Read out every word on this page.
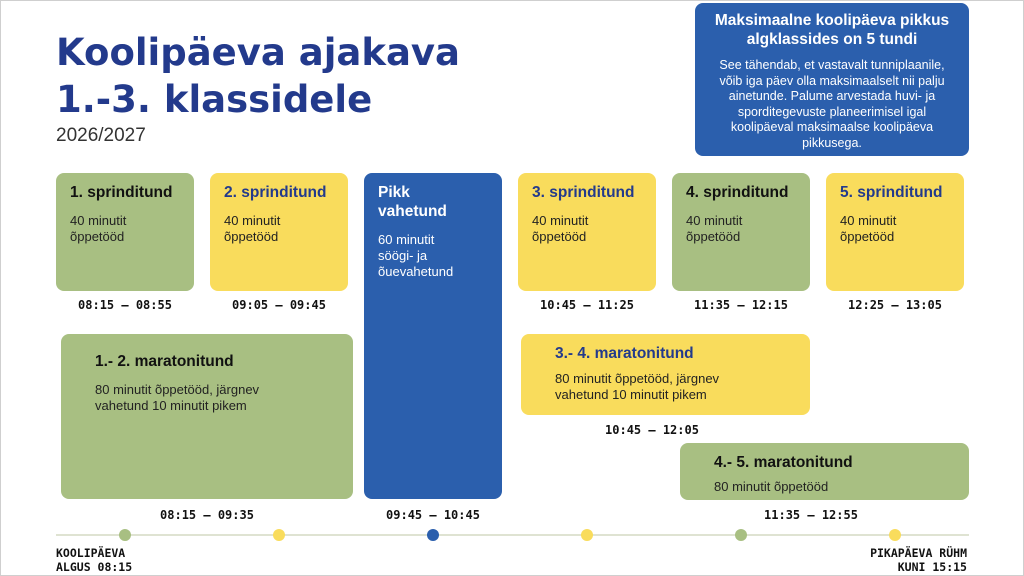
Koolipäeva ajakava 1.-3. klassidele
2026/2027
Maksimaalne koolipäeva pikkus algklassides on 5 tundi
See tähendab, et vastavalt tunniplaanile, võib iga päev olla maksimaalselt nii palju ainetunde. Palume arvestada huvi- ja sporditegevuste planeerimisel igal koolipäeval maksimaalse koolipäeva pikkusega.
1. sprinditund
40 minutit
õppetööd
08:15 – 08:55
2. sprinditund
40 minutit
õppetööd
09:05 – 09:45
3. sprinditund
40 minutit
õppetööd
10:45 – 11:25
4. sprinditund
40 minutit
õppetööd
11:35 – 12:15
5. sprinditund
40 minutit
õppetööd
12:25 – 13:05
Pikk
vahetund
60 minutit
söögi- ja
õuevahetund
09:45 – 10:45
1.- 2. maratonitund
80 minutit õppetööd, järgnev
vahetund 10 minutit pikem
08:15 – 09:35
3.- 4. maratonitund
80 minutit õppetööd, järgnev
vahetund 10 minutit pikem
10:45 – 12:05
4.- 5. maratonitund
80 minutit õppetööd
11:35 – 12:55
KOOLIPÄEVA
ALGUS 08:15
PIKAPÄEVA RÜHM
KUNI 15:15
